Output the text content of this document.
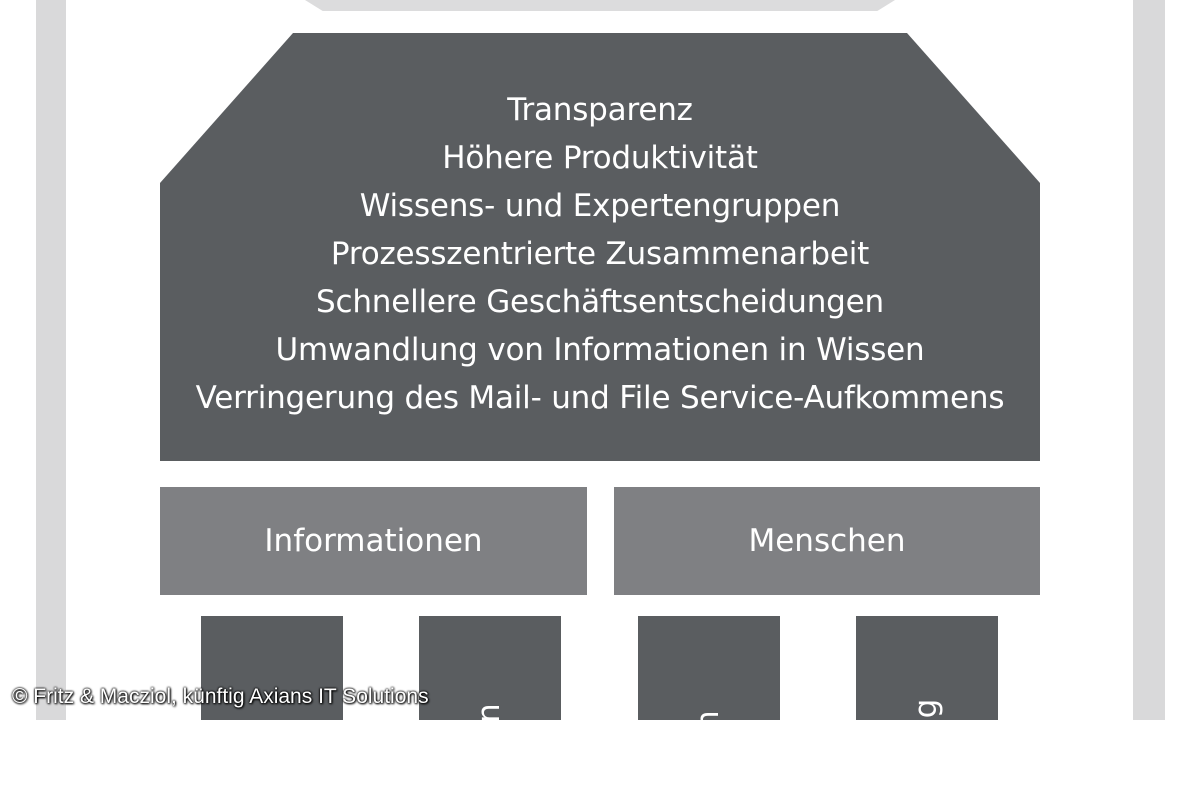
Transparenz
Höhere Produktivität
Wissens- und Expertengruppen
Prozesszentrierte Zusammenarbeit
Schnellere Geschäftsentscheidungen
Umwandlung von Informationen in Wissen
Verringerung des Mail- und File Service-Aufkommens
Informationen	Menschen
ese	turen	inien	igung
© Fritz & Macziol, künftig Axians IT Solutions
